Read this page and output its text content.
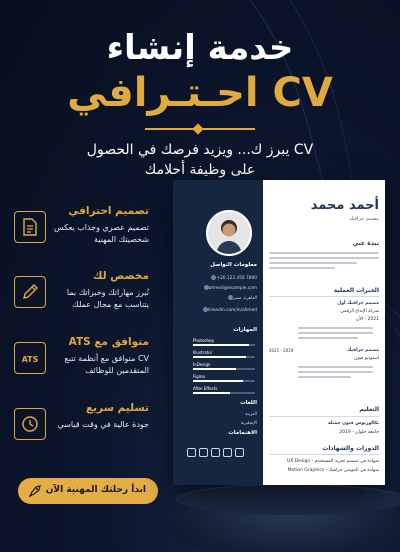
خدمة إنشاء
CV احـتـرافي
CV يبرز ك... ويزيد فرصك في الحصول
على وظيفة أحلامك
تصميم احترافي
تصميم عصري وجذاب يعكس شخصيتك المهنية
مخصص لك
نُبرز مهاراتك وخبراتك بما يتناسب مع مجال عملك
ATS
متوافق مع ATS
CV متوافق مع أنظمة تتبع المتقدمين للوظائف
تسليم سريع
جودة عالية في وقت قياسي
ابدأ رحلتك المهنية الآن
معلومات التواصل
+20 123 456 7890
ahmed@example.com
القاهرة، مصر
linkedin.com/in/ahmed
المهارات
Photoshop
Illustrator
InDesign
Figma
After Effects
اللغات
العربية
الإنجليزية
الاهتمامات
أحمد محمد
مصمم جرافيك
نبذة عني
الخبرات العملية
مصمم جرافيك أول
شركة الإبداع الرقمي
2021 - الآن
مصمم جرافيك
2021 - 2019
استوديو فنون
التعليم
بكالوريوس فنون جميلة
جامعة حلوان - 2019
الدورات والشهادات
شهادة في تصميم تجربة المستخدم - UX Design
شهادة في الموشن جرافيك - Motion Graphics
